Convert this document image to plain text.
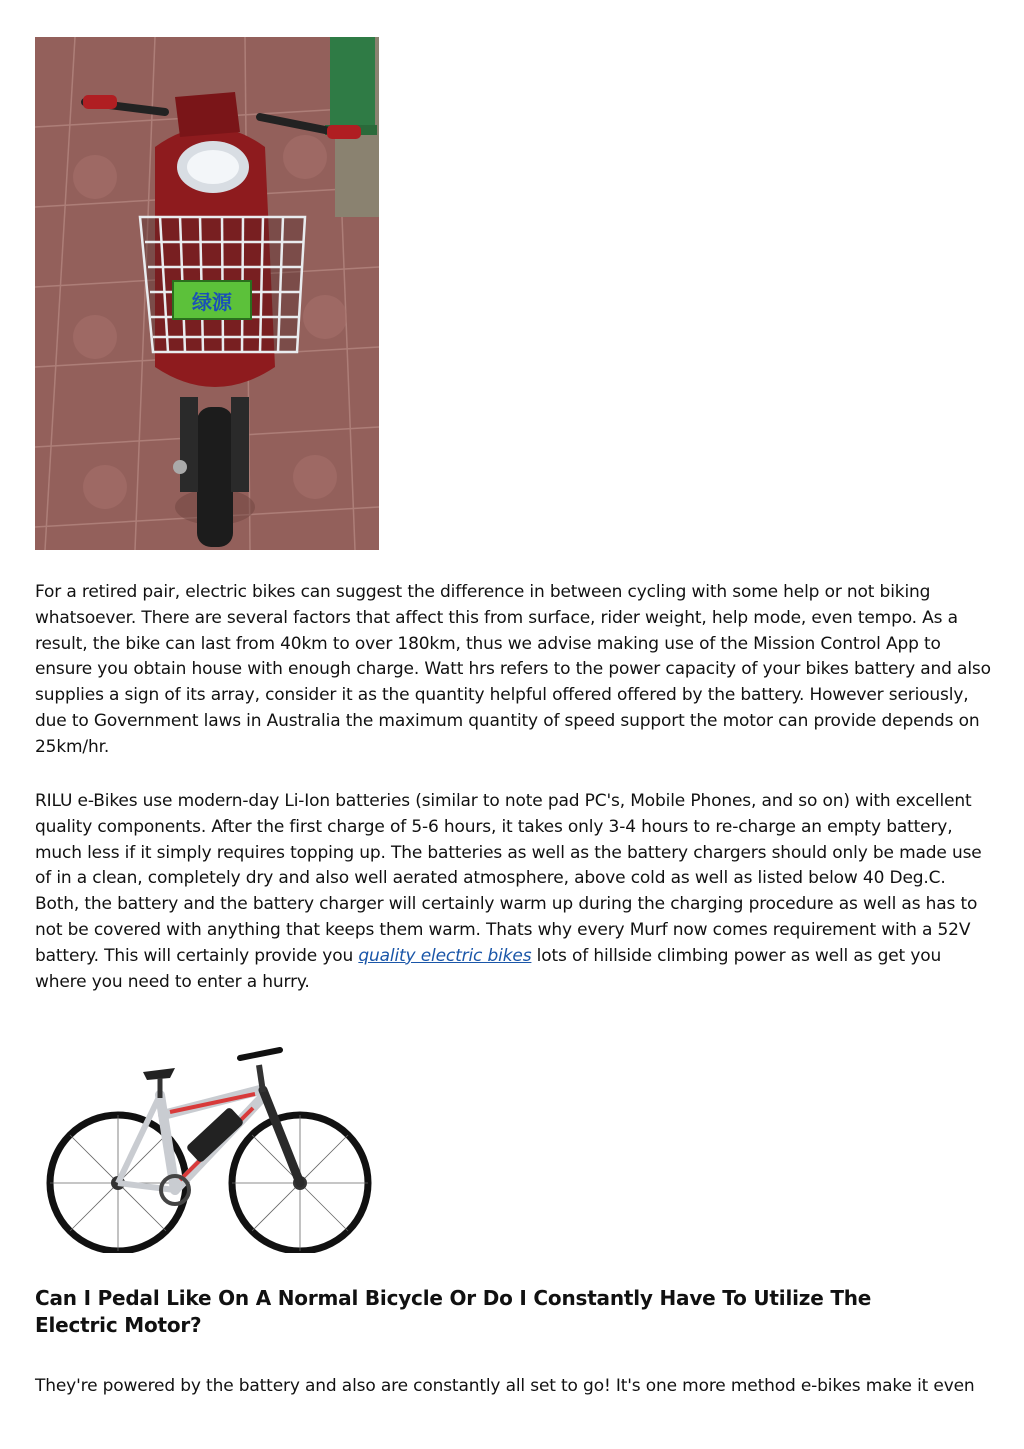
绿源

For a retired pair, electric bikes can suggest the difference in between cycling with some help or not biking whatsoever. There are several factors that affect this from surface, rider weight, help mode, even tempo. As a result, the bike can last from 40km to over 180km, thus we advise making use of the Mission Control App to ensure you obtain house with enough charge. Watt hrs refers to the power capacity of your bikes battery and also supplies a sign of its array, consider it as the quantity helpful offered offered by the battery. However seriously, due to Government laws in Australia the maximum quantity of speed support the motor can provide depends on 25km/hr.

RILU e-Bikes use modern-day Li-Ion batteries (similar to note pad PC's, Mobile Phones, and so on) with excellent quality components. After the first charge of 5-6 hours, it takes only 3-4 hours to re-charge an empty battery, much less if it simply requires topping up. The batteries as well as the battery chargers should only be made use of in a clean, completely dry and also well aerated atmosphere, above cold as well as listed below 40 Deg.C. Both, the battery and the battery charger will certainly warm up during the charging procedure as well as has to not be covered with anything that keeps them warm. Thats why every Murf now comes requirement with a 52V battery. This will certainly provide you quality electric bikes lots of hillside climbing power as well as get you where you need to enter a hurry.

Can I Pedal Like On A Normal Bicycle Or Do I Constantly Have To Utilize The Electric Motor?

They're powered by the battery and also are constantly all set to go! It's one more method e-bikes make it even
